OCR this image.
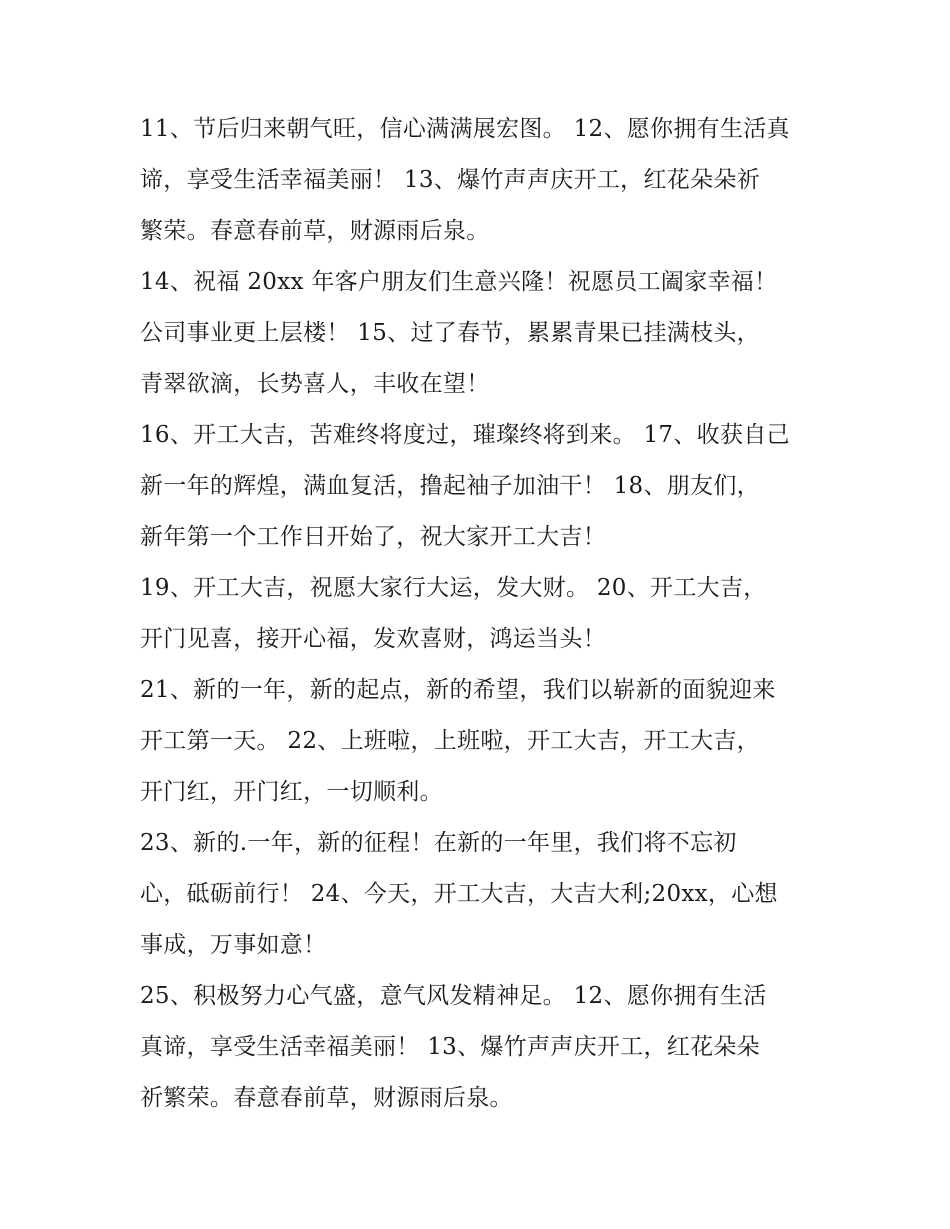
11、节后归来朝气旺，信心满满展宏图。 12、愿你拥有生活真
谛，享受生活幸福美丽！ 13、爆竹声声庆开工，红花朵朵祈
繁荣。春意春前草，财源雨后泉。
14、祝福 20xx 年客户朋友们生意兴隆！祝愿员工阖家幸福！
公司事业更上层楼！ 15、过了春节，累累青果已挂满枝头，
青翠欲滴，长势喜人，丰收在望！
16、开工大吉，苦难终将度过，璀璨终将到来。 17、收获自己
新一年的辉煌，满血复活，撸起袖子加油干！ 18、朋友们，
新年第一个工作日开始了，祝大家开工大吉！
19、开工大吉，祝愿大家行大运，发大财。 20、开工大吉，
开门见喜，接开心福，发欢喜财，鸿运当头！
21、新的一年，新的起点，新的希望，我们以崭新的面貌迎来
开工第一天。 22、上班啦，上班啦，开工大吉，开工大吉，
开门红，开门红，一切顺利。
23、新的.一年，新的征程！在新的一年里，我们将不忘初
心，砥砺前行！ 24、今天，开工大吉，大吉大利;20xx，心想
事成，万事如意！
25、积极努力心气盛，意气风发精神足。 12、愿你拥有生活
真谛，享受生活幸福美丽！ 13、爆竹声声庆开工，红花朵朵
祈繁荣。春意春前草，财源雨后泉。
